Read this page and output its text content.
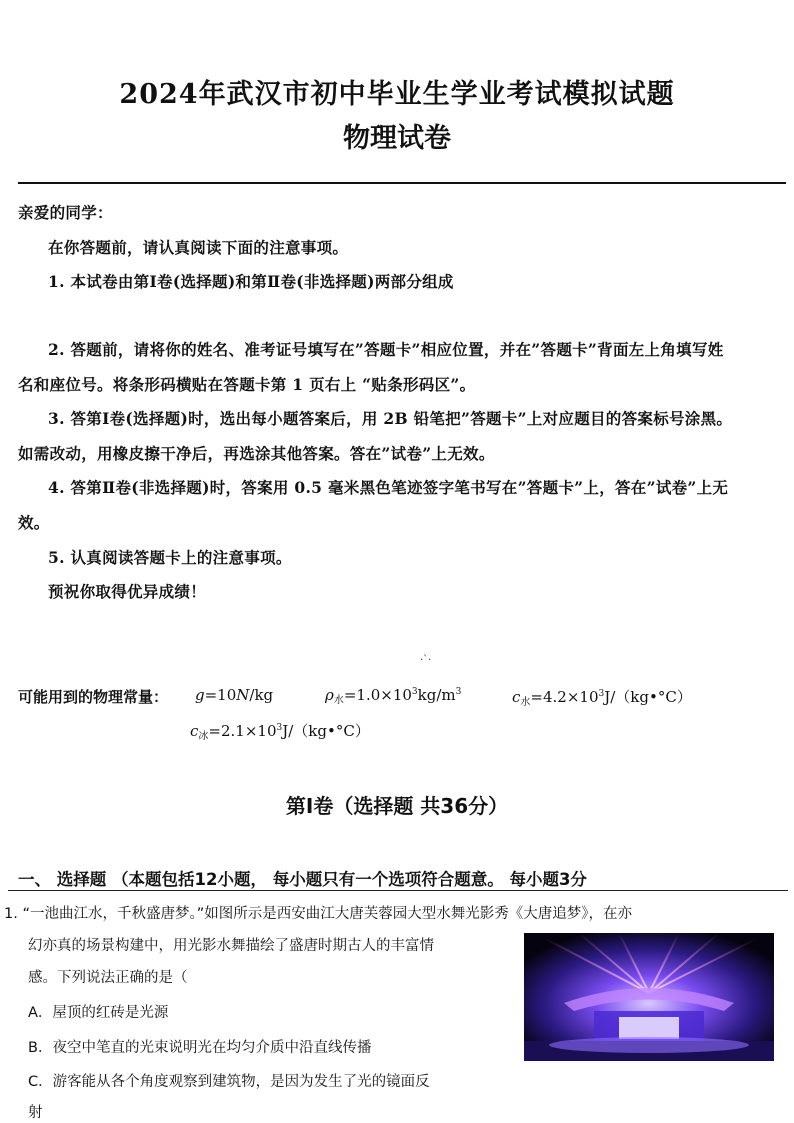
2024年武汉市初中毕业生学业考试模拟试题
物理试卷

亲爱的同学：

在你答题前，请认真阅读下面的注意事项。

1. 本试卷由第Ⅰ卷(选择题)和第Ⅱ卷(非选择题)两部分组成

2. 答题前，请将你的姓名、准考证号填写在”答题卡”相应位置，并在”答题卡”背面左上角填写姓

名和座位号。将条形码横贴在答题卡第 1 页右上 “贴条形码区”。

3. 答第Ⅰ卷(选择题)时，选出每小题答案后，用 2B 铅笔把”答题卡”上对应题目的答案标号涂黑。

如需改动，用橡皮擦干净后，再选涂其他答案。答在”试卷”上无效。

4. 答第Ⅱ卷(非选择题)时，答案用 0.5 毫米黑色笔迹签字笔书写在”答题卡”上，答在”试卷”上无

效。

5. 认真阅读答题卡上的注意事项。

预祝你取得优异成绩！

·`·

可能用到的物理常量： g=10N/kg	$\rho_水=1.0\times 10^3kg/m^3$	$c_水=4.2\times 10^3J/(kg•^\circ C)$

$c_冰=2.1\times 10^3J/(kg•^\circ C)$

第Ⅰ卷（选择题 共36分）

一、 选择题 （本题包括12小题， 每小题只有一个选项符合题意。 每小题3分

1. “一池曲江水，千秋盛唐梦。”如图所示是西安曲江大唐芙蓉园大型水舞光影秀《大唐追梦》，在亦

幻亦真的场景构建中，用光影水舞描绘了盛唐时期古人的丰富情

感。下列说法正确的是（

A．屋顶的红砖是光源

B．夜空中笔直的光束说明光在均匀介质中沿直线传播

C．游客能从各个角度观察到建筑物，是因为发生了光的镜面反

射
